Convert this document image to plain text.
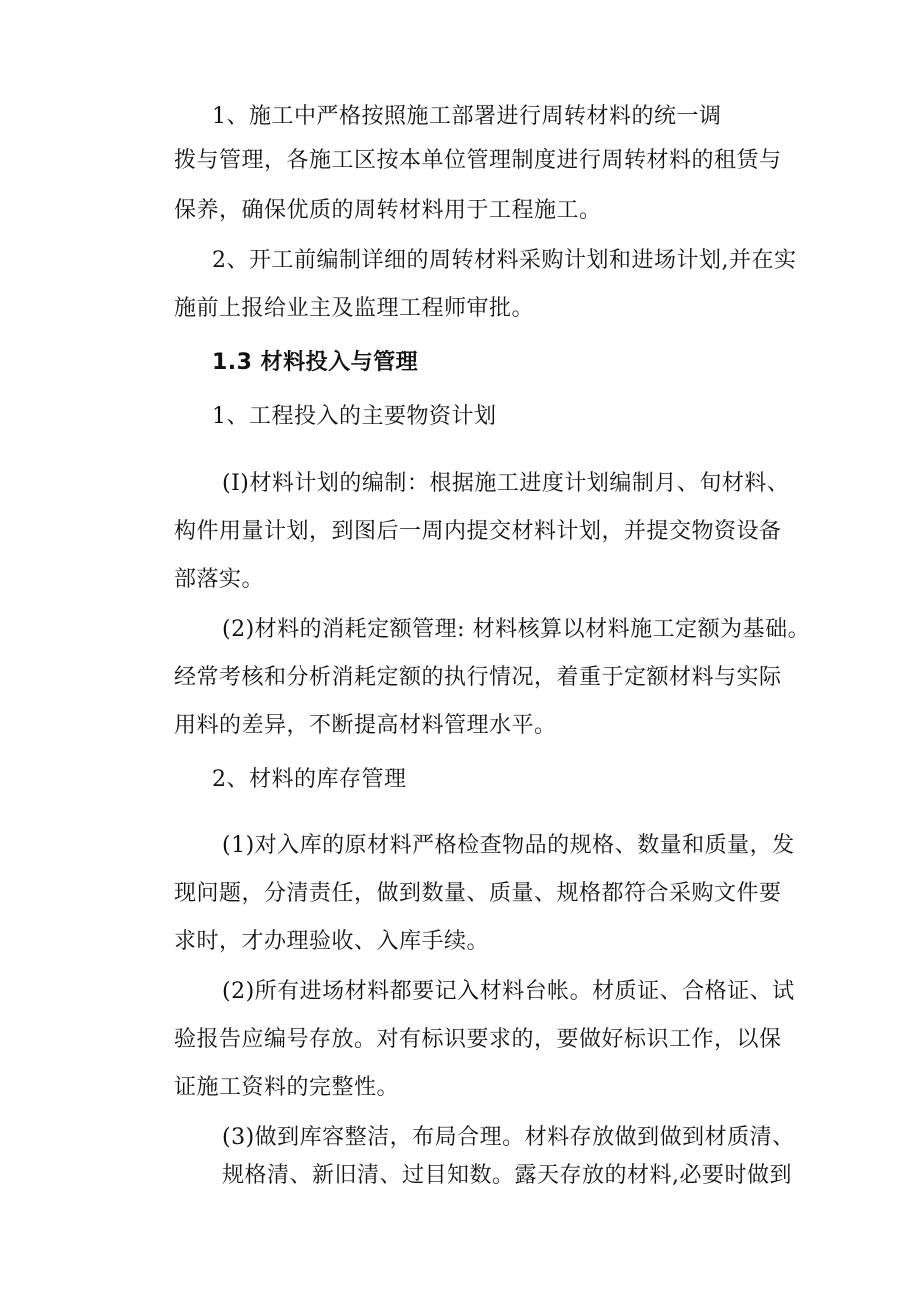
1、施工中严格按照施工部署进行周转材料的统一调
拨与管理，各施工区按本单位管理制度进行周转材料的租赁与
保养，确保优质的周转材料用于工程施工。
2、开工前编制详细的周转材料采购计划和进场计划,并在实
施前上报给业主及监理工程师审批。
1.3 材料投入与管理
1、工程投入的主要物资计划
(I)材料计划的编制：根据施工进度计划编制月、旬材料、
构件用量计划，到图后一周内提交材料计划，并提交物资设备
部落实。
(2)材料的消耗定额管理: 材料核算以材料施工定额为基础。
经常考核和分析消耗定额的执行情况，着重于定额材料与实际
用料的差异，不断提高材料管理水平。
2、材料的库存管理
(1)对入库的原材料严格检查物品的规格、数量和质量，发
现问题，分清责任，做到数量、质量、规格都符合采购文件要
求时，才办理验收、入库手续。
(2)所有进场材料都要记入材料台帐。材质证、合格证、试
验报告应编号存放。对有标识要求的，要做好标识工作，以保
证施工资料的完整性。
(3)做到库容整洁，布局合理。材料存放做到做到材质清、
规格清、新旧清、过目知数。露天存放的材料,必要时做到
